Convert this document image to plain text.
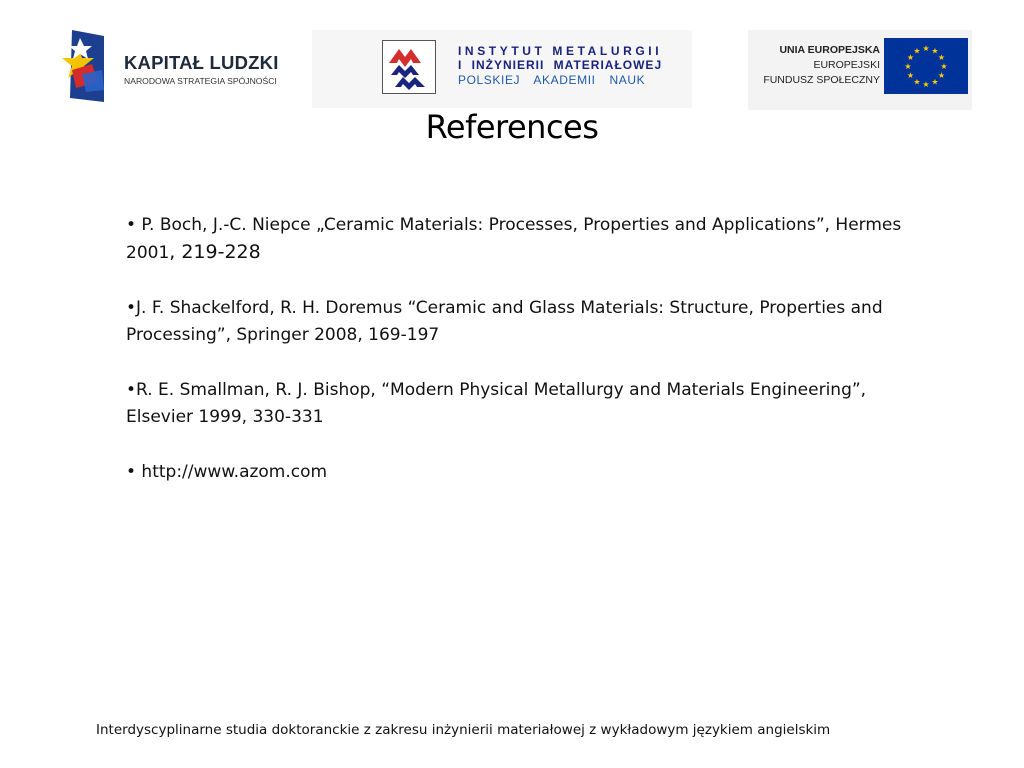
KAPITAŁ LUDZKI
NARODOWA STRATEGIA SPÓJNOŚCI
INSTYTUT METALURGII
I INŻYNIERII MATERIAŁOWEJ
POLSKIEJ AKADEMII NAUK
UNIA EUROPEJSKA
EUROPEJSKI
FUNDUSZ SPOŁECZNY
★ ★
★
★
★
★
★
★
★
★
★
★
References

• P. Boch, J.-C. Niepce „Ceramic Materials: Processes, Properties and Applications”, Hermes 2001, 219-228

•J. F. Shackelford, R. H. Doremus “Ceramic and Glass Materials: Structure, Properties and Processing”, Springer 2008, 169-197

•R. E. Smallman, R. J. Bishop, “Modern Physical Metallurgy and Materials Engineering”, Elsevier 1999, 330-331

• http://www.azom.com

Interdyscyplinarne studia doktoranckie z zakresu inżynierii materiałowej z wykładowym językiem angielskim
